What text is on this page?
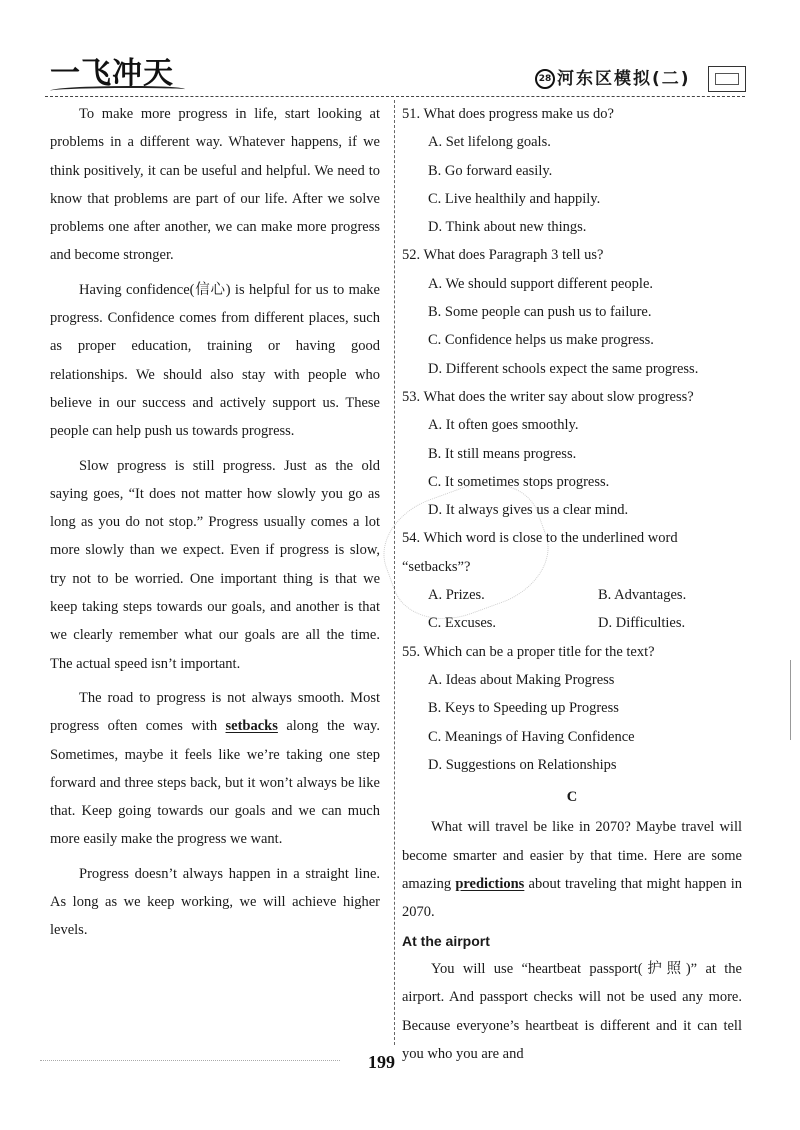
一飞冲天	28 河东区模拟(二)

To make more progress in life, start looking at problems in a different way. Whatever happens, if we think positively, it can be useful and helpful. We need to know that problems are part of our life. After we solve problems one after another, we can make more progress and become stronger.

Having confidence(信心) is helpful for us to make progress. Confidence comes from different places, such as proper education, training or having good relationships. We should also stay with people who believe in our success and actively support us. These people can help push us towards progress.

Slow progress is still progress. Just as the old saying goes, “It does not matter how slowly you go as long as you do not stop.” Progress usually comes a lot more slowly than we expect. Even if progress is slow, try not to be worried. One important thing is that we keep taking steps towards our goals, and another is that we clearly remember what our goals are all the time. The actual speed isn’t important.

The road to progress is not always smooth. Most progress often comes with setbacks along the way. Sometimes, maybe it feels like we’re taking one step forward and three steps back, but it won’t always be like that. Keep going towards our goals and we can much more easily make the progress we want.

Progress doesn’t always happen in a straight line. As long as we keep working, we will achieve higher levels.

51. What does progress make us do?
A. Set lifelong goals.
B. Go forward easily.
C. Live healthily and happily.
D. Think about new things.
52. What does Paragraph 3 tell us?
A. We should support different people.
B. Some people can push us to failure.
C. Confidence helps us make progress.
D. Different schools expect the same progress.
53. What does the writer say about slow progress?
A. It often goes smoothly.
B. It still means progress.
C. It sometimes stops progress.
D. It always gives us a clear mind.
54. Which word is close to the underlined word “setbacks”?
A. Prizes.	B. Advantages.
C. Excuses.	D. Difficulties.
55. Which can be a proper title for the text?
A. Ideas about Making Progress
B. Keys to Speeding up Progress
C. Meanings of Having Confidence
D. Suggestions on Relationships
C

What will travel be like in 2070? Maybe travel will become smarter and easier by that time. Here are some amazing predictions about traveling that might happen in 2070.

At the airport

You will use “heartbeat passport(护照)” at the airport. And passport checks will not be used any more. Because everyone’s heartbeat is different and it can tell you who you are and

199
